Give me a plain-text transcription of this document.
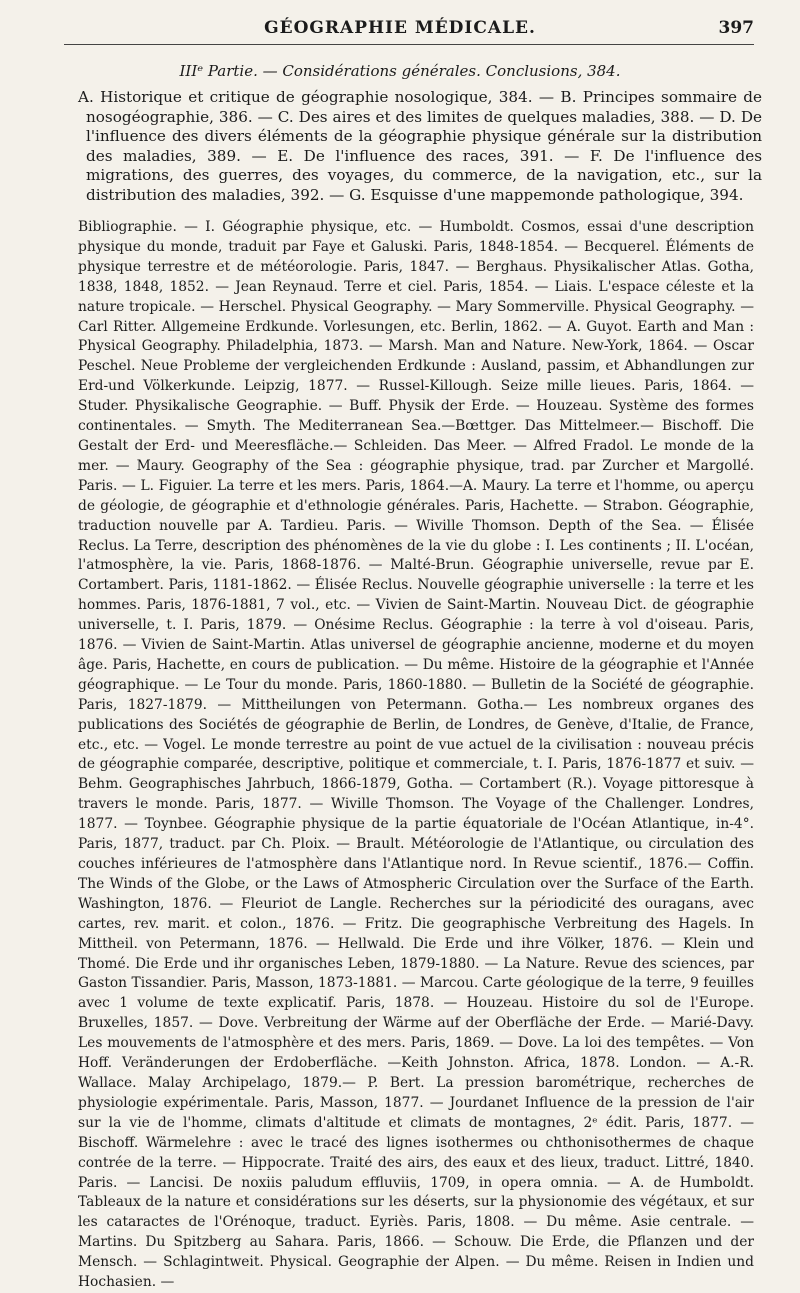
GÉOGRAPHIE MÉDICALE.	397
IIIᵉ Partie. — Considérations générales. Conclusions, 384.
A. Historique et critique de géographie nosologique, 384. — B. Principes sommaire de nosogéographie, 386. — C. Des aires et des limites de quelques maladies, 388. — D. De l'influence des divers éléments de la géographie physique générale sur la distribution des maladies, 389. — E. De l'influence des races, 391. — F. De l'influence des migrations, des guerres, des voyages, du commerce, de la navigation, etc., sur la distribution des maladies, 392. — G. Esquisse d'une mappemonde pathologique, 394.

Bibliographie. — I. Géographie physique, etc. — Humboldt. Cosmos, essai d'une description physique du monde, traduit par Faye et Galuski. Paris, 1848-1854. — Becquerel. Éléments de physique terrestre et de météorologie. Paris, 1847. — Berghaus. Physikalischer Atlas. Gotha, 1838, 1848, 1852. — Jean Reynaud. Terre et ciel. Paris, 1854. — Liais. L'espace céleste et la nature tropicale. — Herschel. Physical Geography. — Mary Sommerville. Physical Geography. — Carl Ritter. Allgemeine Erdkunde. Vorlesungen, etc. Berlin, 1862. — A. Guyot. Earth and Man : Physical Geography. Philadelphia, 1873. — Marsh. Man and Nature. New-York, 1864. — Oscar Peschel. Neue Probleme der vergleichenden Erdkunde : Ausland, passim, et Abhandlungen zur Erd-und Völkerkunde. Leipzig, 1877. — Russel-Killough. Seize mille lieues. Paris, 1864. — Studer. Physikalische Geographie. — Buff. Physik der Erde. — Houzeau. Système des formes continentales. — Smyth. The Mediterranean Sea.—Bœttger. Das Mittelmeer.— Bischoff. Die Gestalt der Erd- und Meeresfläche.— Schleiden. Das Meer. — Alfred Fradol. Le monde de la mer. — Maury. Geography of the Sea : géographie physique, trad. par Zurcher et Margollé. Paris. — L. Figuier. La terre et les mers. Paris, 1864.—A. Maury. La terre et l'homme, ou aperçu de géologie, de géographie et d'ethnologie générales. Paris, Hachette. — Strabon. Géographie, traduction nouvelle par A. Tardieu. Paris. — Wiville Thomson. Depth of the Sea. — Élisée Reclus. La Terre, description des phénomènes de la vie du globe : I. Les continents ; II. L'océan, l'atmosphère, la vie. Paris, 1868-1876. — Malté-Brun. Géographie universelle, revue par E. Cortambert. Paris, 1181-1862. — Élisée Reclus. Nouvelle géographie universelle : la terre et les hommes. Paris, 1876-1881, 7 vol., etc. — Vivien de Saint-Martin. Nouveau Dict. de géographie universelle, t. I. Paris, 1879. — Onésime Reclus. Géographie : la terre à vol d'oiseau. Paris, 1876. — Vivien de Saint-Martin. Atlas universel de géographie ancienne, moderne et du moyen âge. Paris, Hachette, en cours de publication. — Du même. Histoire de la géographie et l'Année géographique. — Le Tour du monde. Paris, 1860-1880. — Bulletin de la Société de géographie. Paris, 1827-1879. — Mittheilungen von Petermann. Gotha.— Les nombreux organes des publications des Sociétés de géographie de Berlin, de Londres, de Genève, d'Italie, de France, etc., etc. — Vogel. Le monde terrestre au point de vue actuel de la civilisation : nouveau précis de géographie comparée, descriptive, politique et commerciale, t. I. Paris, 1876-1877 et suiv. — Behm. Geographisches Jahrbuch, 1866-1879, Gotha. — Cortambert (R.). Voyage pittoresque à travers le monde. Paris, 1877. — Wiville Thomson. The Voyage of the Challenger. Londres, 1877. — Toynbee. Géographie physique de la partie équatoriale de l'Océan Atlantique, in-4°. Paris, 1877, traduct. par Ch. Ploix. — Brault. Météorologie de l'Atlantique, ou circulation des couches inférieures de l'atmosphère dans l'Atlantique nord. In Revue scientif., 1876.— Coffin. The Winds of the Globe, or the Laws of Atmospheric Circulation over the Surface of the Earth. Washington, 1876. — Fleuriot de Langle. Recherches sur la périodicité des ouragans, avec cartes, rev. marit. et colon., 1876. — Fritz. Die geographische Verbreitung des Hagels. In Mittheil. von Petermann, 1876. — Hellwald. Die Erde und ihre Völker, 1876. — Klein und Thomé. Die Erde und ihr organisches Leben, 1879-1880. — La Nature. Revue des sciences, par Gaston Tissandier. Paris, Masson, 1873-1881. — Marcou. Carte géologique de la terre, 9 feuilles avec 1 volume de texte explicatif. Paris, 1878. — Houzeau. Histoire du sol de l'Europe. Bruxelles, 1857. — Dove. Verbreitung der Wärme auf der Oberfläche der Erde. — Marié-Davy. Les mouvements de l'atmosphère et des mers. Paris, 1869. — Dove. La loi des tempêtes. — Von Hoff. Veränderungen der Erdoberfläche. —Keith Johnston. Africa, 1878. London. — A.-R. Wallace. Malay Archipelago, 1879.— P. Bert. La pression barométrique, recherches de physiologie expérimentale. Paris, Masson, 1877. — Jourdanet Influence de la pression de l'air sur la vie de l'homme, climats d'altitude et climats de montagnes, 2ᵉ édit. Paris, 1877. — Bischoff. Wärmelehre : avec le tracé des lignes isothermes ou chthonisothermes de chaque contrée de la terre. — Hippocrate. Traité des airs, des eaux et des lieux, traduct. Littré, 1840. Paris. — Lancisi. De noxiis paludum effluviis, 1709, in opera omnia. — A. de Humboldt. Tableaux de la nature et considérations sur les déserts, sur la physionomie des végétaux, et sur les cataractes de l'Orénoque, traduct. Eyriès. Paris, 1808. — Du même. Asie centrale. — Martins. Du Spitzberg au Sahara. Paris, 1866. — Schouw. Die Erde, die Pflanzen und der Mensch. — Schlagintweit. Physical. Geographie der Alpen. — Du même. Reisen in Indien und Hochasien. —
